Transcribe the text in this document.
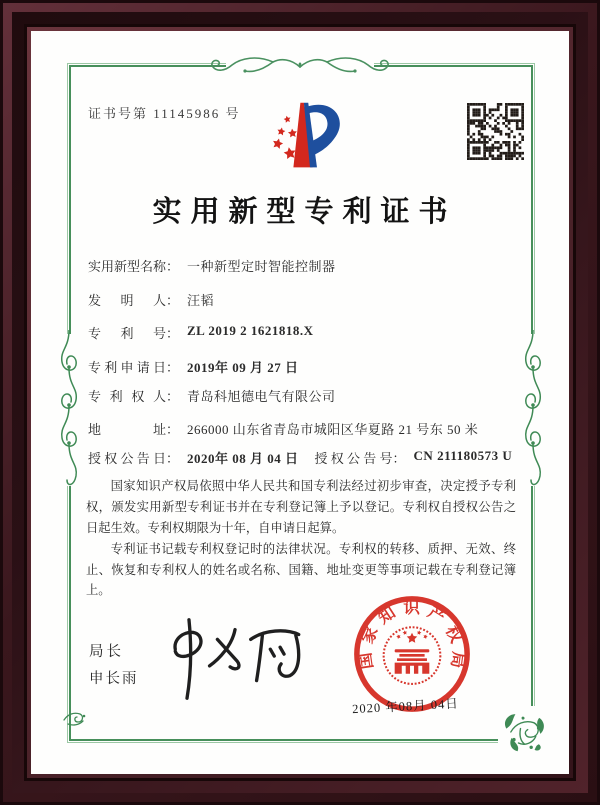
证书号第 11145986 号
实用新型专利证书
实用新型名称 ： 一种新型定时智能控制器
发明人 ： 汪韬
专利号 ： ZL 2019 2 1621818.X
专利申请日 ： 2019年 09 月 27 日
专利权人 ： 青岛科旭德电气有限公司
地址 ： 266000 山东省青岛市城阳区华夏路 21 号东 50 米
授权公告日 ： 2020年 08 月 04 日 授权公告号 ： CN 211180573 U

国家知识产权局依照中华人民共和国专利法经过初步审查，决定授予专利权，颁发实用新型专利证书并在专利登记簿上予以登记。专利权自授权公告之日起生效。专利权期限为十年，自申请日起算。

专利证书记载专利权登记时的法律状况。专利权的转移、质押、无效、终止、恢复和专利权人的姓名或名称、国籍、地址变更等事项记载在专利登记簿上。

局长
申长雨
国家知识产权局
2020 年08月 04日
